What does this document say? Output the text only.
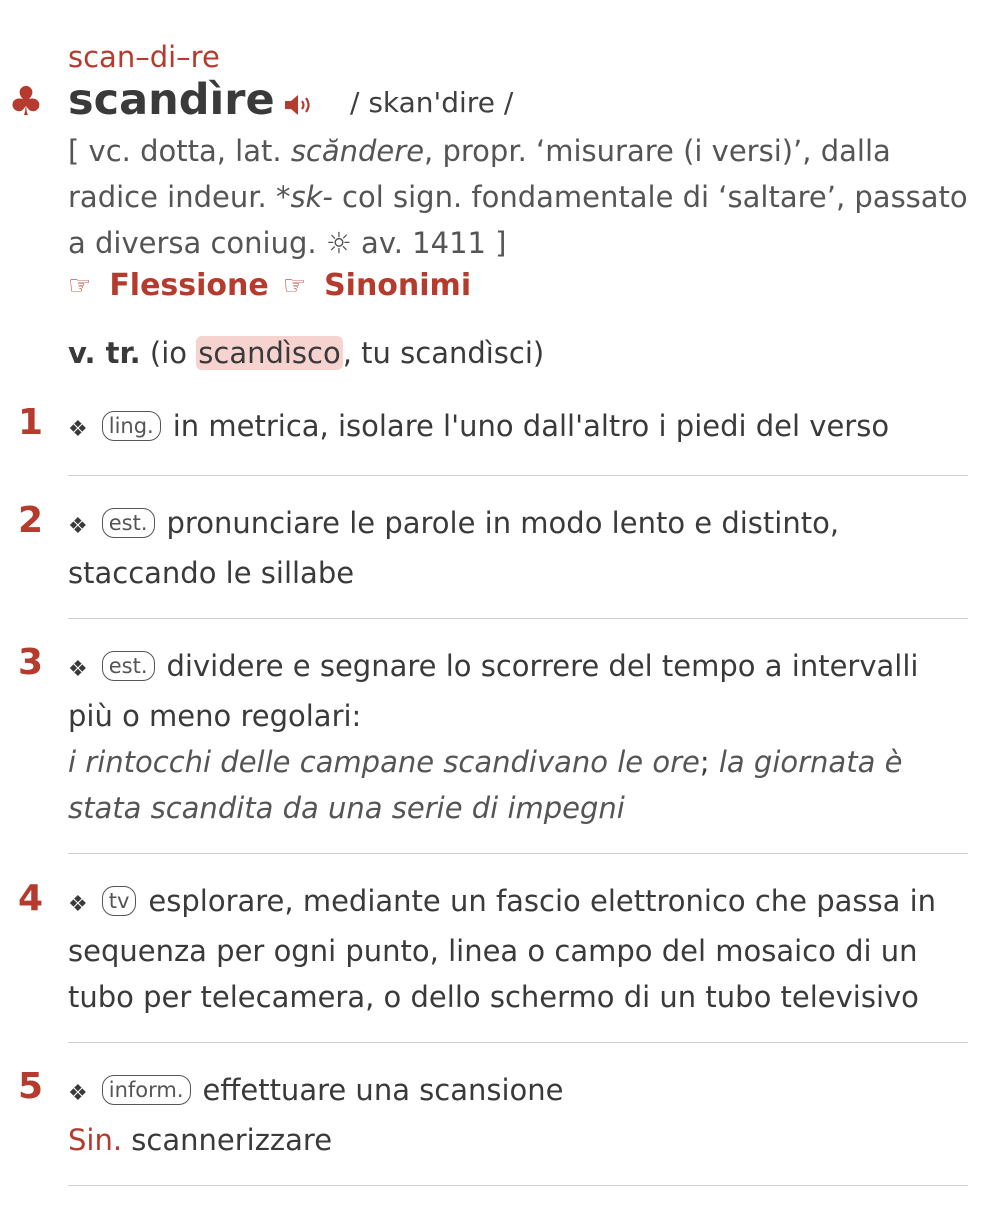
scan–di–re
♣ scandìre	/ skan'dire /
[ vc. dotta, lat. scăndere, propr. ‘misurare (i versi)’, dalla radice indeur. *sk- col sign. fondamentale di ‘saltare’, passato a diversa coniug. ☼ av. 1411 ]
☞ Flessione ☞ Sinonimi
v. tr. (io scandìsco, tu scandìsci)
1 ❖ ling. in metrica, isolare l'uno dall'altro i piedi del verso
2 ❖ est. pronunciare le parole in modo lento e distinto, staccando le sillabe
3 ❖ est. dividere e segnare lo scorrere del tempo a intervalli più o meno regolari:
i rintocchi delle campane scandivano le ore; la giornata è stata scandita da una serie di impegni
4 ❖ tv esplorare, mediante un fascio elettronico che passa in sequenza per ogni punto, linea o campo del mosaico di un tubo per telecamera, o dello schermo di un tubo televisivo
5 ❖ inform. effettuare una scansione
Sin. scannerizzare
